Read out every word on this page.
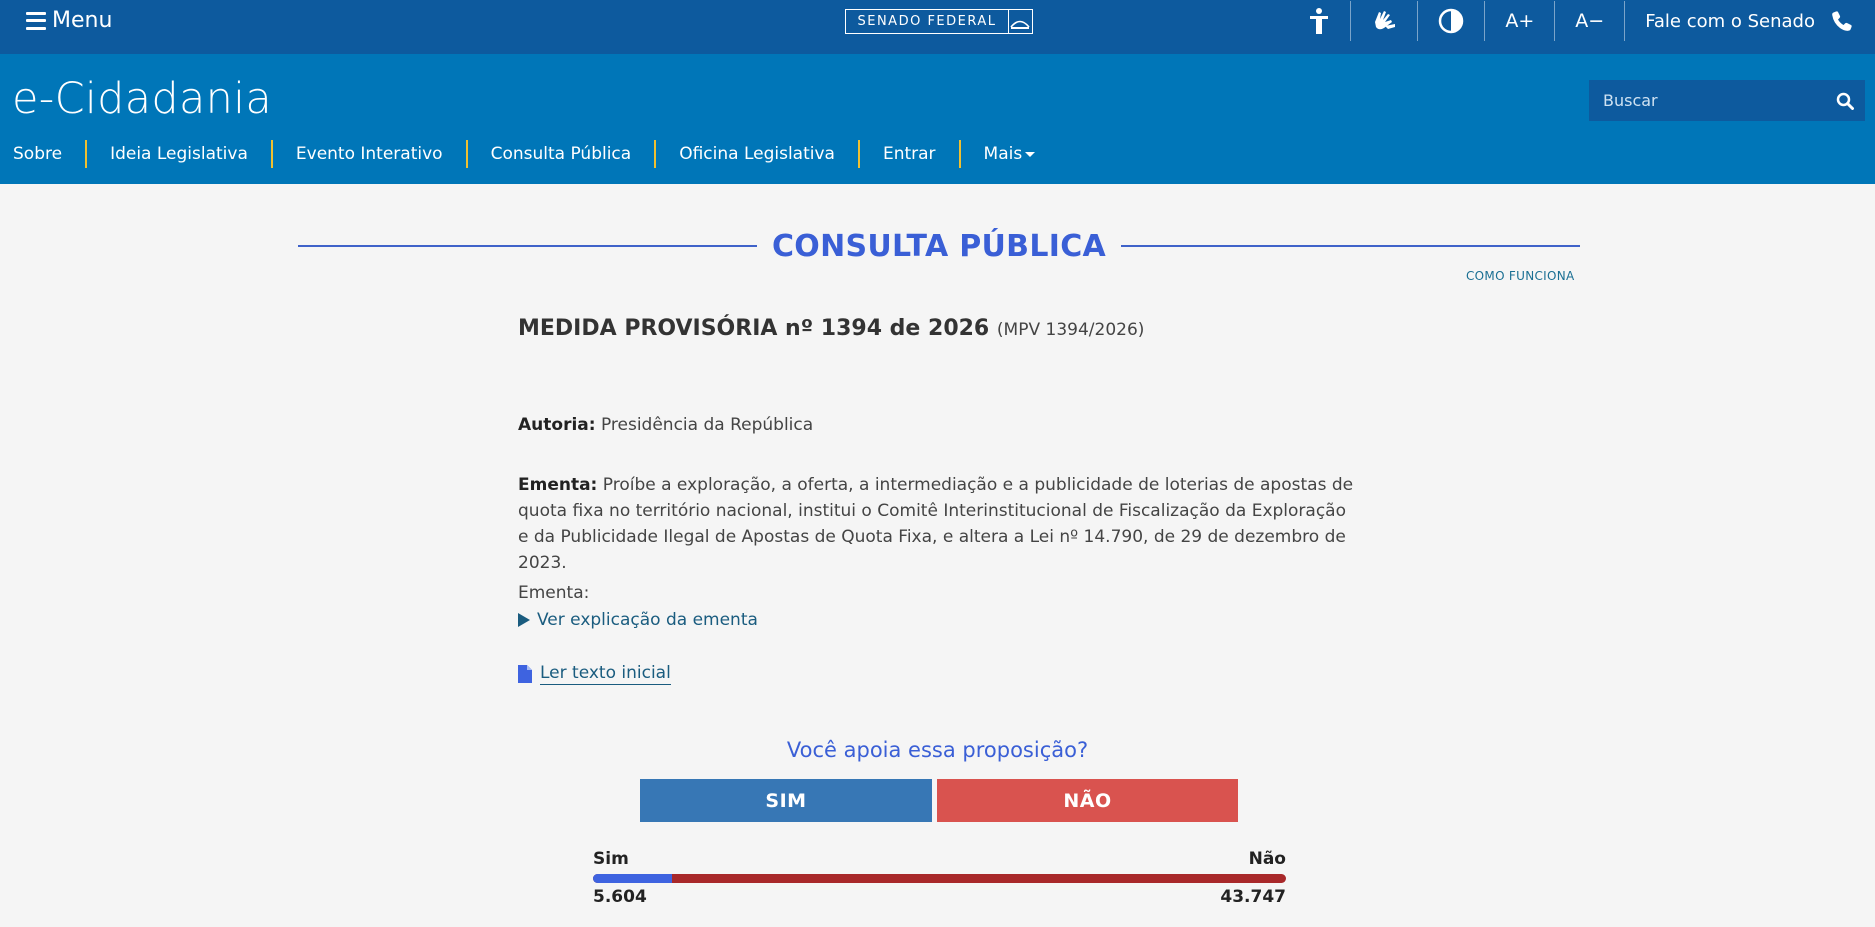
Menu	SENADO FEDERAL	A+ A− Fale com o Senado
e-Cidadania
Buscar
Sobre	Ideia Legislativa	Evento Interativo	Consulta Pública	Oficina Legislativa	Entrar	Mais
CONSULTA PÚBLICA
COMO FUNCIONA
MEDIDA PROVISÓRIA nº 1394 de 2026 (MPV 1394/2026)
Autoria: Presidência da República
Ementa: Proíbe a exploração, a oferta, a intermediação e a publicidade de loterias de apostas de quota fixa no território nacional, institui o Comitê Interinstitucional de Fiscalização da Exploração e da Publicidade Ilegal de Apostas de Quota Fixa, e altera a Lei nº 14.790, de 29 de dezembro de 2023.
Ementa:
Ver explicação da ementa
Ler texto inicial
Você apoia essa proposição?
SIM	NÃO
Sim	Não
5.604	43.747
